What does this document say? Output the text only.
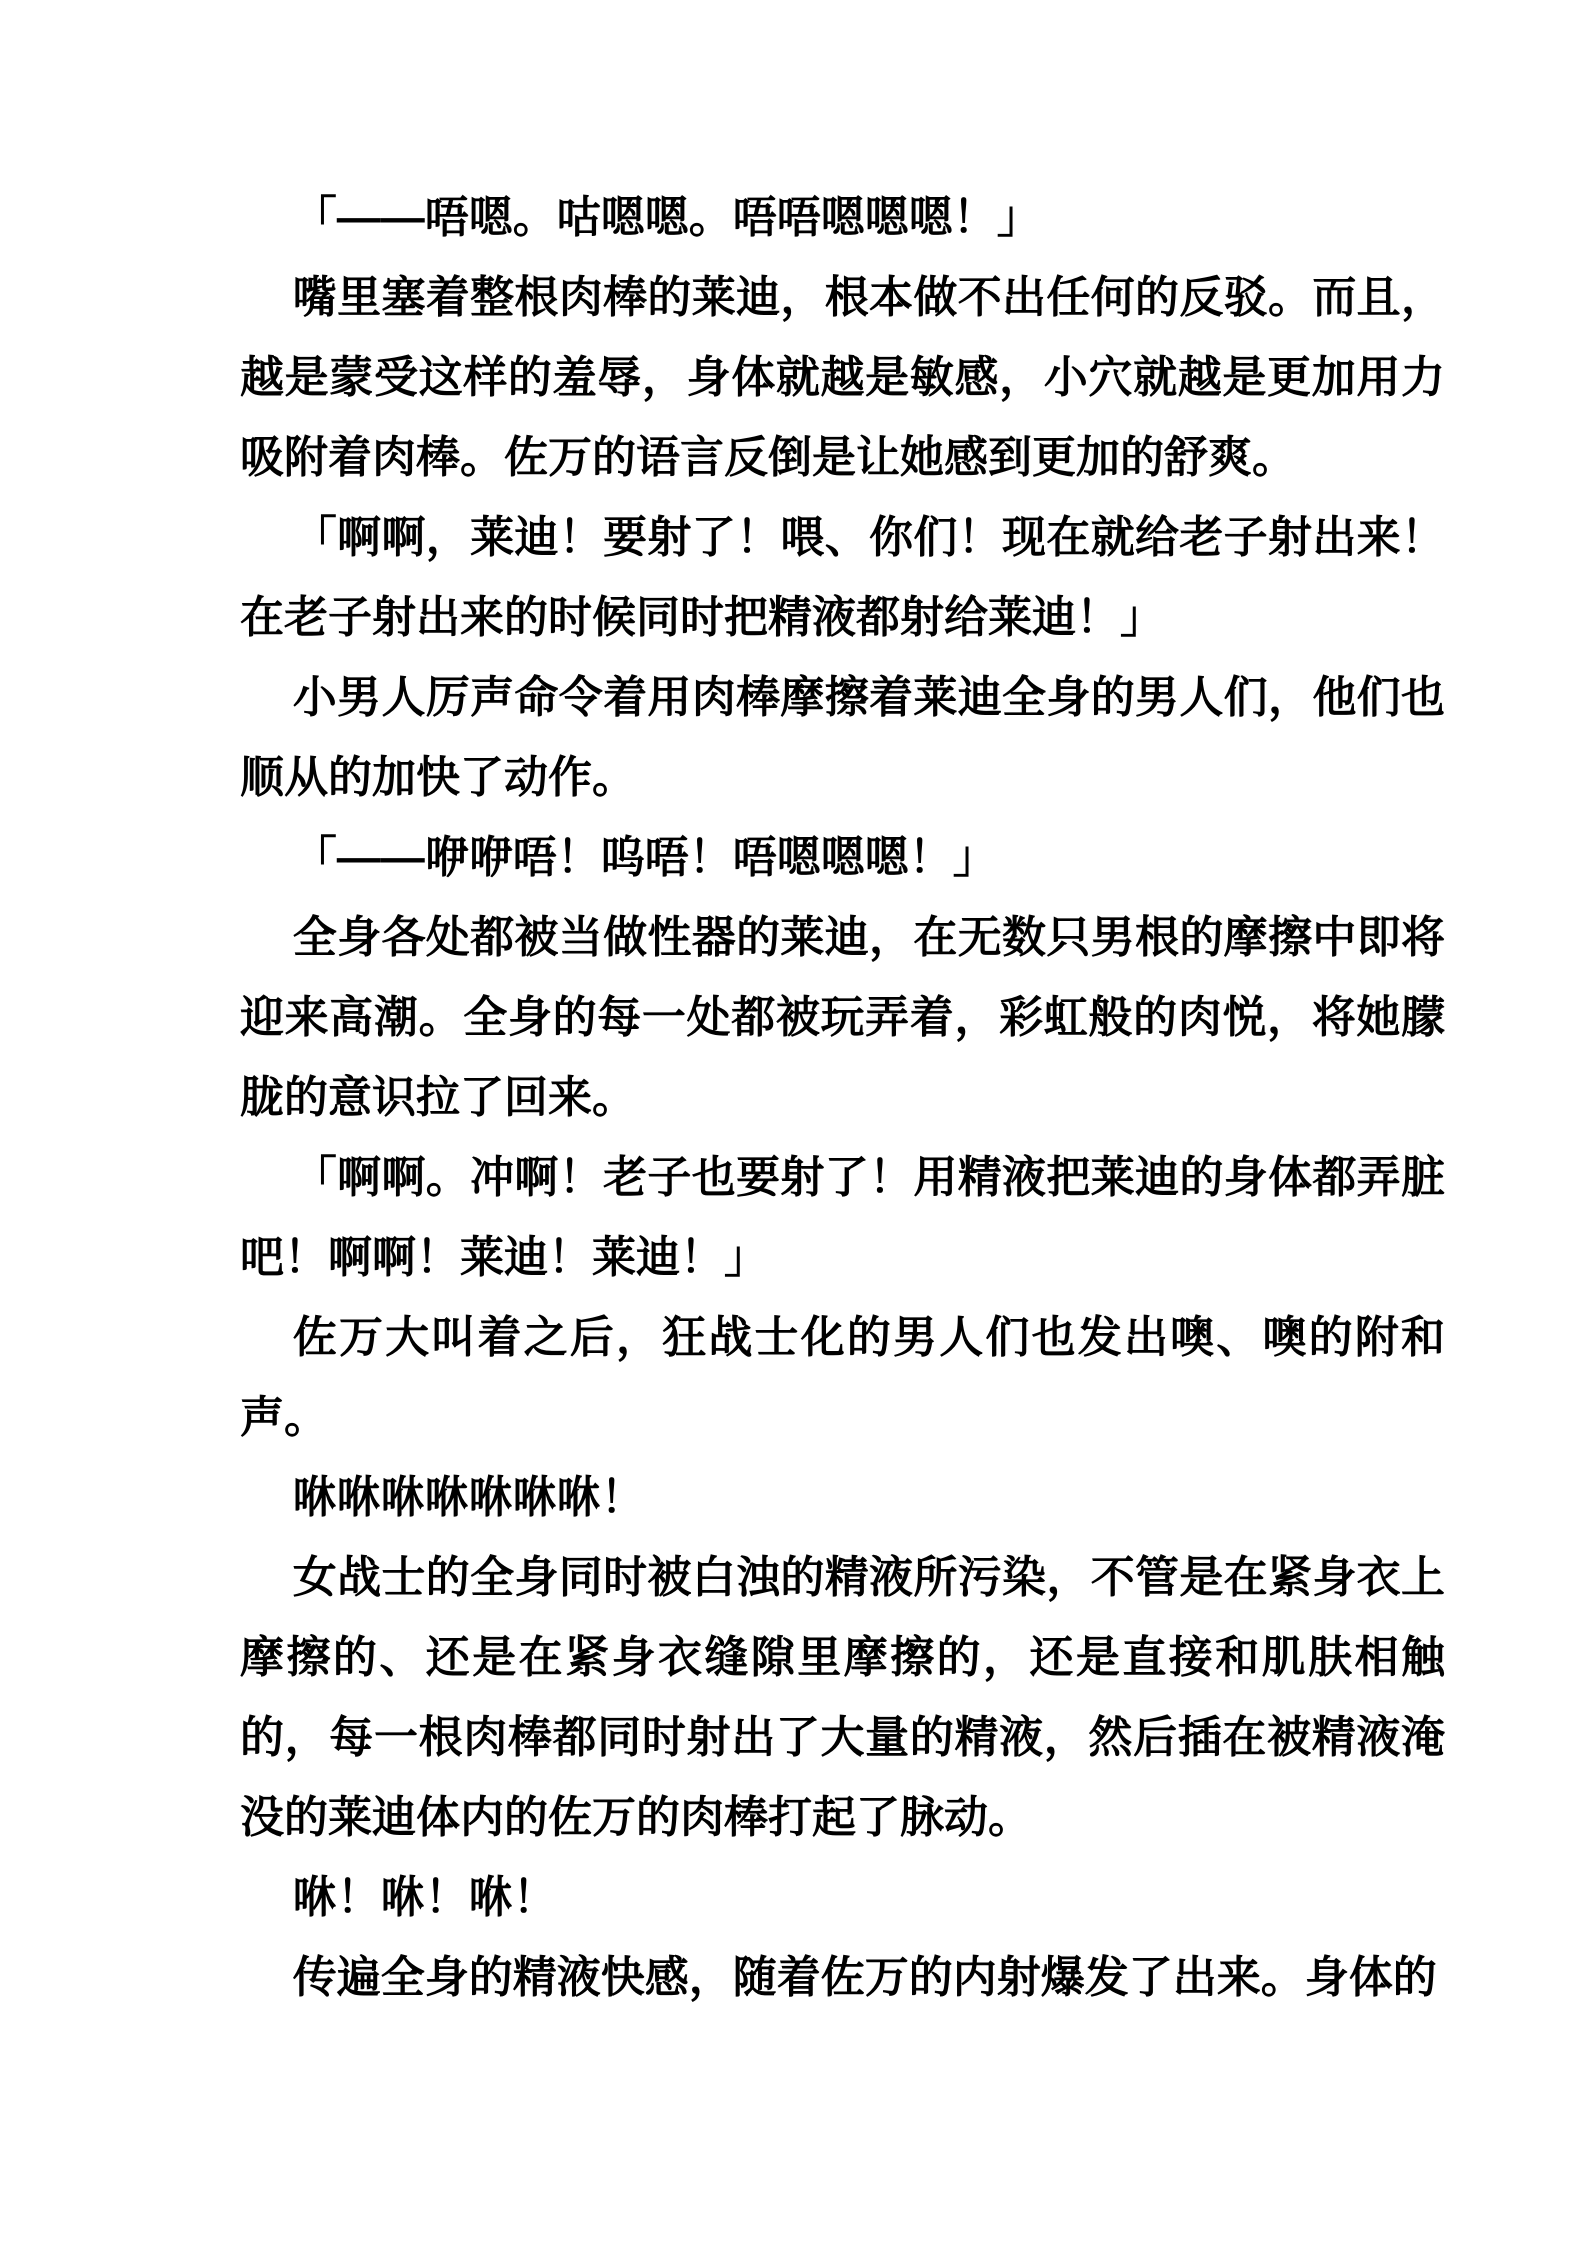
「——唔嗯。咕嗯嗯。唔唔嗯嗯嗯！」

嘴里塞着整根肉棒的莱迪，根本做不出任何的反驳。而且，越是蒙受这样的羞辱，身体就越是敏感，小穴就越是更加用力吸附着肉棒。佐万的语言反倒是让她感到更加的舒爽。

「啊啊，莱迪！要射了！喂、你们！现在就给老子射出来！在老子射出来的时候同时把精液都射给莱迪！」

小男人厉声命令着用肉棒摩擦着莱迪全身的男人们，他们也顺从的加快了动作。

「——咿咿唔！呜唔！唔嗯嗯嗯！」

全身各处都被当做性器的莱迪，在无数只男根的摩擦中即将迎来高潮。全身的每一处都被玩弄着，彩虹般的肉悦，将她朦胧的意识拉了回来。

「啊啊。冲啊！老子也要射了！用精液把莱迪的身体都弄脏吧！啊啊！莱迪！莱迪！」

佐万大叫着之后，狂战士化的男人们也发出噢、噢的附和声。

咻咻咻咻咻咻咻！

女战士的全身同时被白浊的精液所污染，不管是在紧身衣上摩擦的、还是在紧身衣缝隙里摩擦的，还是直接和肌肤相触的，每一根肉棒都同时射出了大量的精液，然后插在被精液淹没的莱迪体内的佐万的肉棒打起了脉动。

咻！咻！咻！

传遍全身的精液快感，随着佐万的内射爆发了出来。身体的
